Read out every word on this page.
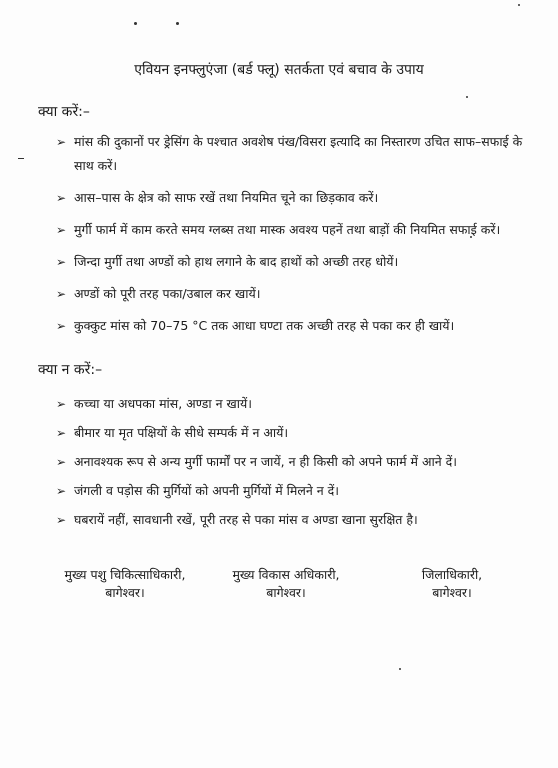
एवियन इनफ्लुएंजा (बर्ड फ्लू) सतर्कता एवं बचाव के उपाय
क्या करें:–
➢ मांस की दुकानों पर ड्रेसिंग के पश्चात अवशेष पंख/विसरा इत्यादि का निस्तारण उचित साफ–सफाई के साथ करें।
➢ आस–पास के क्षेत्र को साफ रखें तथा नियमित चूने का छिड़काव करें।
➢ मुर्गी फार्म में काम करते समय ग्लब्स तथा मास्क अवश्य पहनें तथा बाड़ों की नियमित सफाई करें।
➢ जिन्दा मुर्गी तथा अण्डों को हाथ लगाने के बाद हाथों को अच्छी तरह धोयें।
➢ अण्डों को पूरी तरह पका/उबाल कर खायें।
➢ कुक्कुट मांस को 70–75 °C तक आधा घण्टा तक अच्छी तरह से पका कर ही खायें।
क्या न करें:–
➢ कच्चा या अधपका मांस, अण्डा न खायें।
➢ बीमार या मृत पक्षियों के सीधे सम्पर्क में न आयें।
➢ अनावश्यक रूप से अन्य मुर्गी फार्मों पर न जायें, न ही किसी को अपने फार्म में आने दें।
➢ जंगली व पड़ोस की मुर्गियों को अपनी मुर्गियों में मिलने न दें।
➢ घबरायें नहीं, सावधानी रखें, पूरी तरह से पका मांस व अण्डा खाना सुरक्षित है।
मुख्य पशु चिकित्साधिकारी,
बागेश्वर।
मुख्य विकास अधिकारी,
बागेश्वर।
जिलाधिकारी,
बागेश्वर।
